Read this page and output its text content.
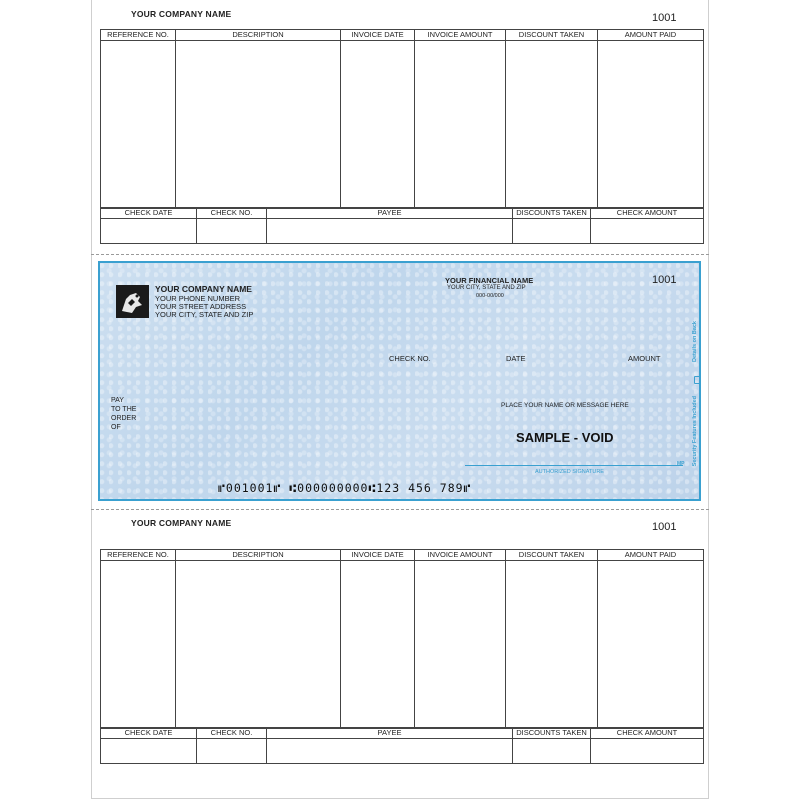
YOUR COMPANY NAME	1001
REFERENCE NO.	DESCRIPTION	INVOICE DATE	INVOICE AMOUNT	DISCOUNT TAKEN	AMOUNT PAID

CHECK DATE	CHECK NO.	PAYEE	DISCOUNTS TAKEN	CHECK AMOUNT

YOUR COMPANY NAME
YOUR PHONE NUMBER
YOUR STREET ADDRESS
YOUR CITY, STATE AND ZIP
YOUR FINANCIAL NAME
YOUR CITY, STATE AND ZIP
000-00/000
1001
CHECK NO.	DATE	AMOUNT
PAY
TO THE
ORDER
OF
PLACE YOUR NAME OR MESSAGE HERE
SAMPLE - VOID
AUTHORIZED SIGNATURE
MP
Details on Back
Security Features Included
⑈001001⑈ ⑆000000000⑆123 456 789⑈
YOUR COMPANY NAME	1001
REFERENCE NO.	DESCRIPTION	INVOICE DATE	INVOICE AMOUNT	DISCOUNT TAKEN	AMOUNT PAID

CHECK DATE	CHECK NO.	PAYEE	DISCOUNTS TAKEN	CHECK AMOUNT
